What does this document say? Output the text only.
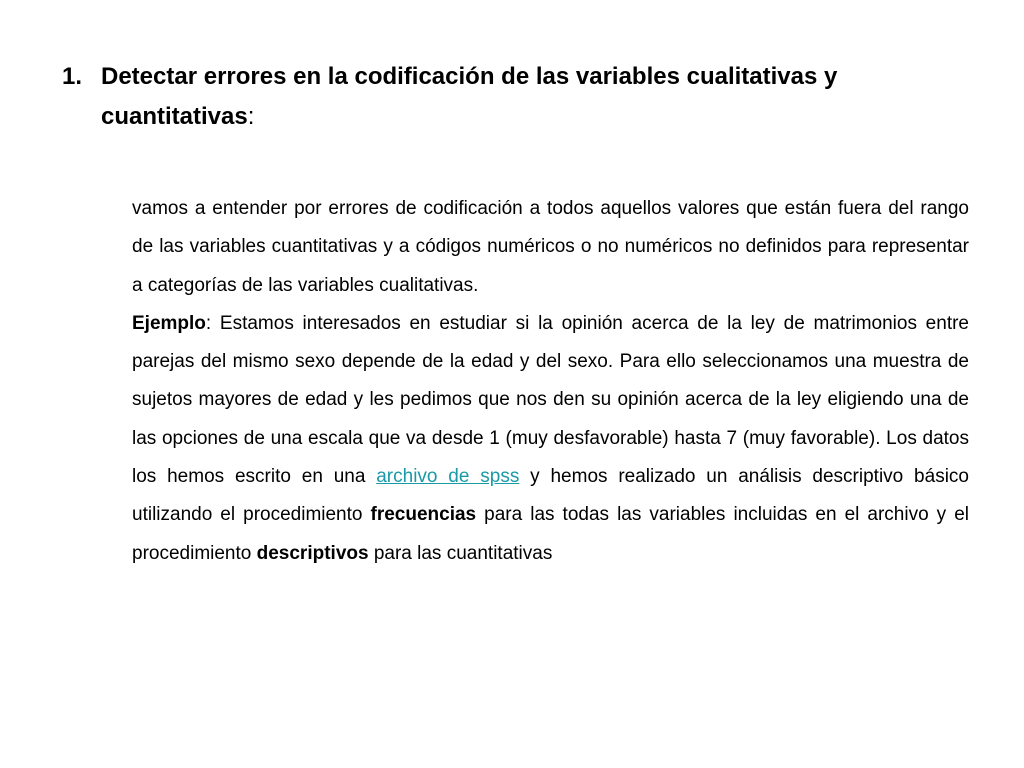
1. Detectar errores en la codificación de las variables cualitativas y cuantitativas:

vamos a entender por errores de codificación a todos aquellos valores que están fuera del rango de las variables cuantitativas y a códigos numéricos o no numéricos no definidos para representar a categorías de las variables cualitativas.

Ejemplo: Estamos interesados en estudiar si la opinión acerca de la ley de matrimonios entre parejas del mismo sexo depende de la edad y del sexo. Para ello seleccionamos una muestra de sujetos mayores de edad y les pedimos que nos den su opinión acerca de la ley eligiendo una de las opciones de una escala que va desde 1 (muy desfavorable) hasta 7 (muy favorable). Los datos los hemos escrito en una archivo de spss y hemos realizado un análisis descriptivo básico utilizando el procedimiento frecuencias para las todas las variables incluidas en el archivo y el procedimiento descriptivos para las cuantitativas
